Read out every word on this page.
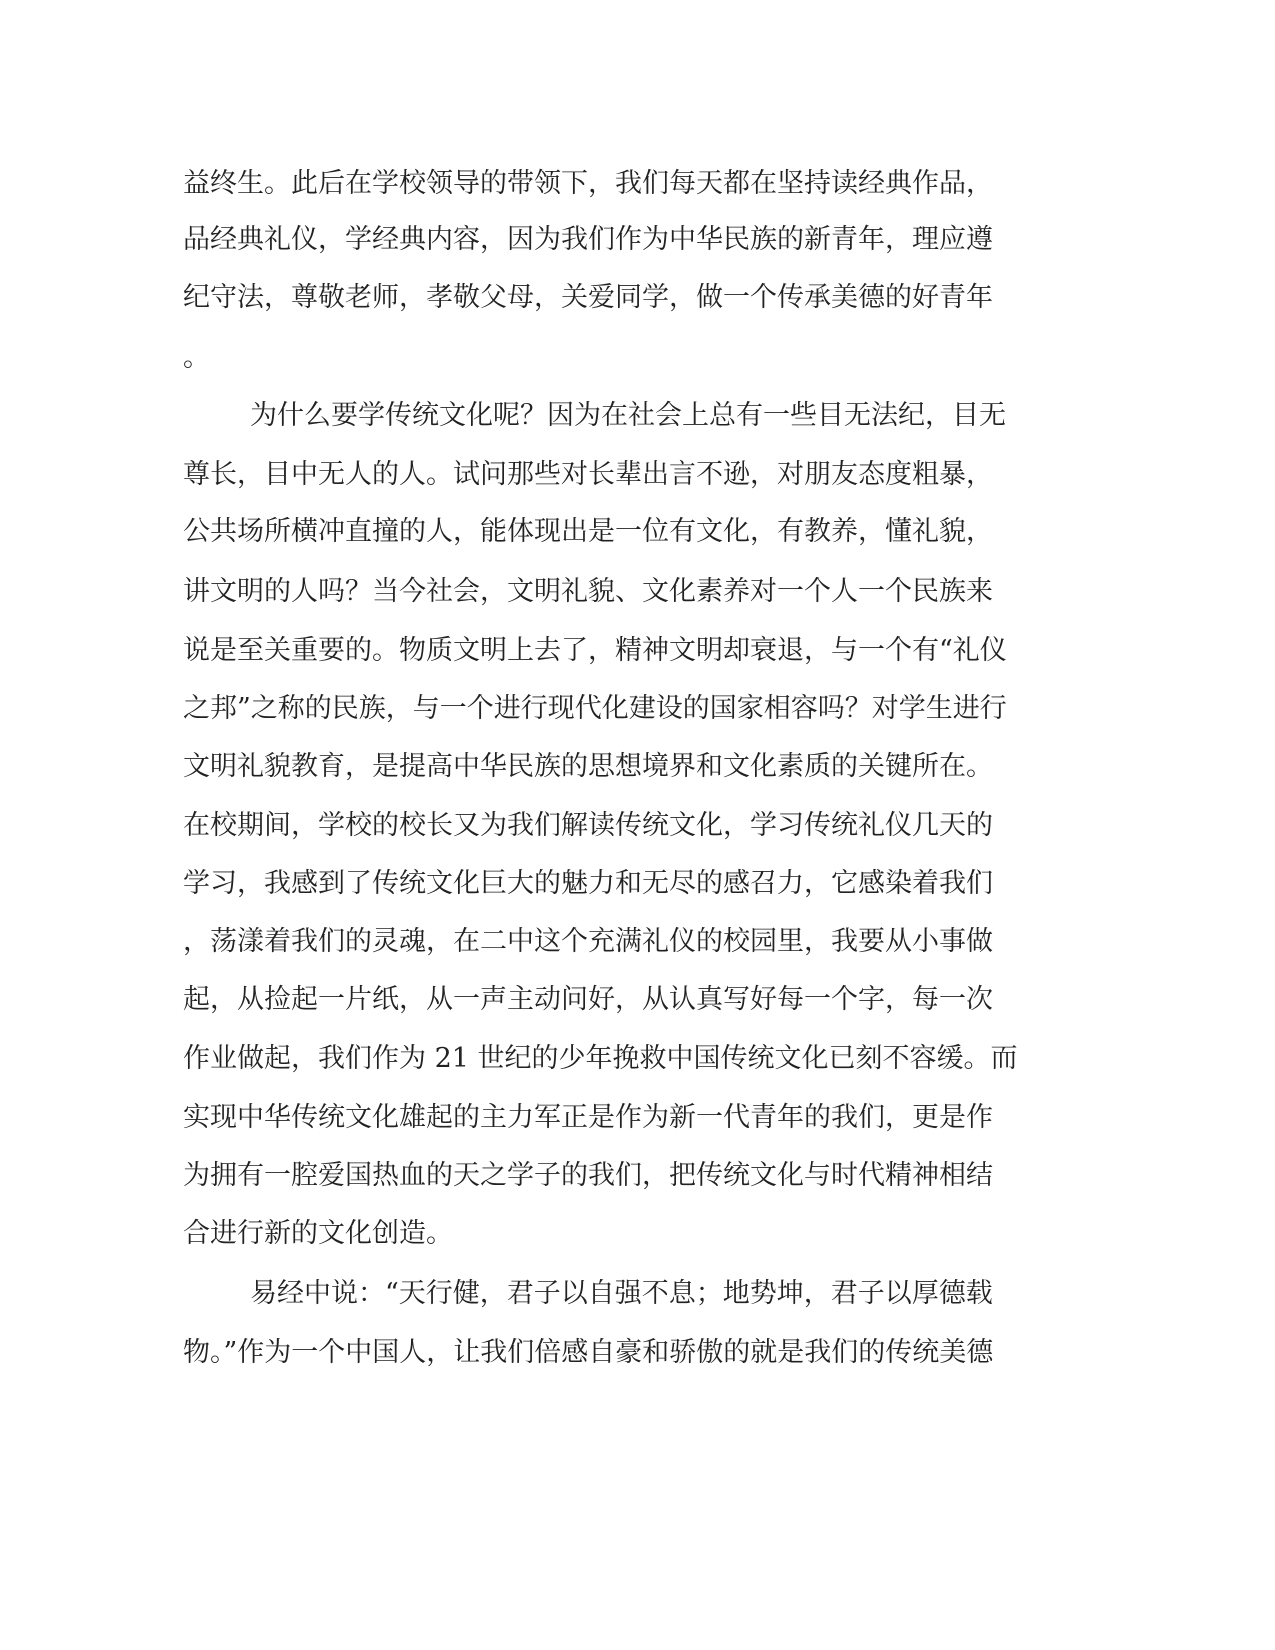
益终生。此后在学校领导的带领下，我们每天都在坚持读经典作品，
品经典礼仪，学经典内容，因为我们作为中华民族的新青年，理应遵
纪守法，尊敬老师，孝敬父母，关爱同学，做一个传承美德的好青年
。
为什么要学传统文化呢？因为在社会上总有一些目无法纪，目无
尊长，目中无人的人。试问那些对长辈出言不逊，对朋友态度粗暴，
公共场所横冲直撞的人，能体现出是一位有文化，有教养，懂礼貌，
讲文明的人吗？当今社会，文明礼貌、文化素养对一个人一个民族来
说是至关重要的。物质文明上去了，精神文明却衰退，与一个有“礼仪
之邦”之称的民族，与一个进行现代化建设的国家相容吗？对学生进行
文明礼貌教育，是提高中华民族的思想境界和文化素质的关键所在。
在校期间，学校的校长又为我们解读传统文化，学习传统礼仪几天的
学习，我感到了传统文化巨大的魅力和无尽的感召力，它感染着我们
，荡漾着我们的灵魂，在二中这个充满礼仪的校园里，我要从小事做
起，从捡起一片纸，从一声主动问好，从认真写好每一个字，每一次
作业做起，我们作为 21 世纪的少年挽救中国传统文化已刻不容缓。而
实现中华传统文化雄起的主力军正是作为新一代青年的我们，更是作
为拥有一腔爱国热血的天之学子的我们，把传统文化与时代精神相结
合进行新的文化创造。
易经中说：“天行健，君子以自强不息；地势坤，君子以厚德载
物。”作为一个中国人，让我们倍感自豪和骄傲的就是我们的传统美德
